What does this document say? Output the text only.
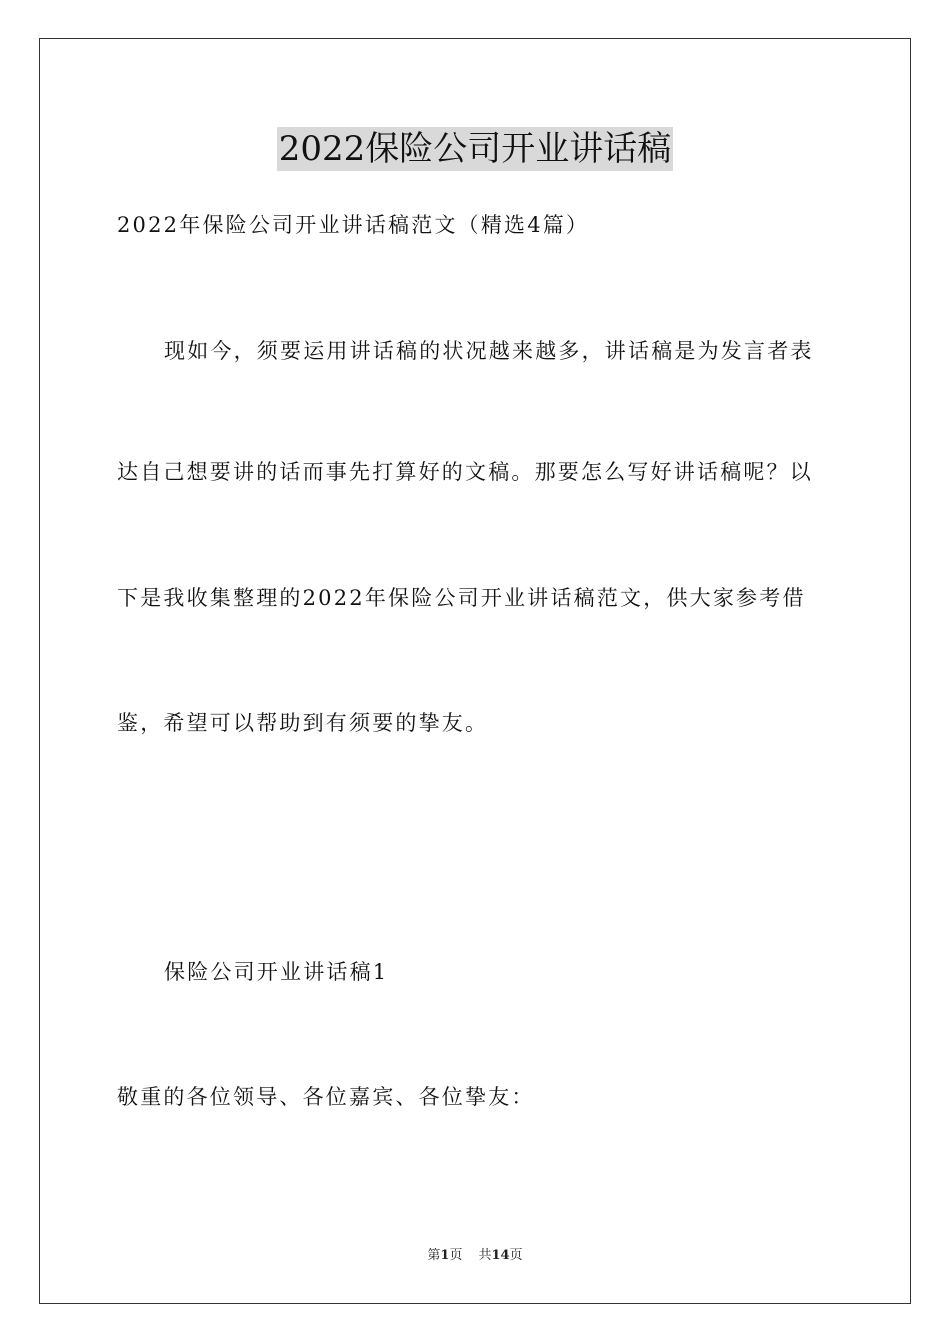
2022保险公司开业讲话稿
2022年保险公司开业讲话稿范文（精选4篇）
现如今，须要运用讲话稿的状况越来越多，讲话稿是为发言者表
达自己想要讲的话而事先打算好的文稿。那要怎么写好讲话稿呢？以
下是我收集整理的2022年保险公司开业讲话稿范文，供大家参考借
鉴，希望可以帮助到有须要的挚友。
保险公司开业讲话稿1
敬重的各位领导、各位嘉宾、各位挚友：
第1页 共14页
